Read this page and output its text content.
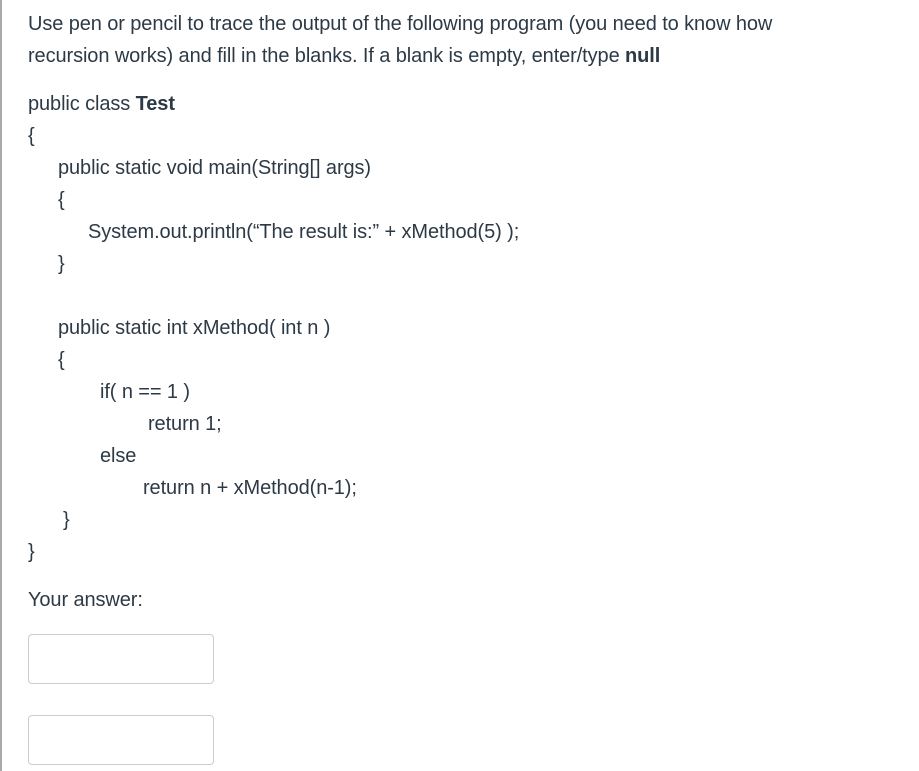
Use pen or pencil to trace the output of the following program (you need to know how
recursion works) and fill in the blanks. If a blank is empty, enter/type null
public class Test
{
public static void main(String[] args)
{
System.out.println(“The result is:” + xMethod(5) );
}
public static int xMethod( int n )
{
if( n == 1 )
return 1;
else
return n + xMethod(n-1);
}
}
Your answer:
